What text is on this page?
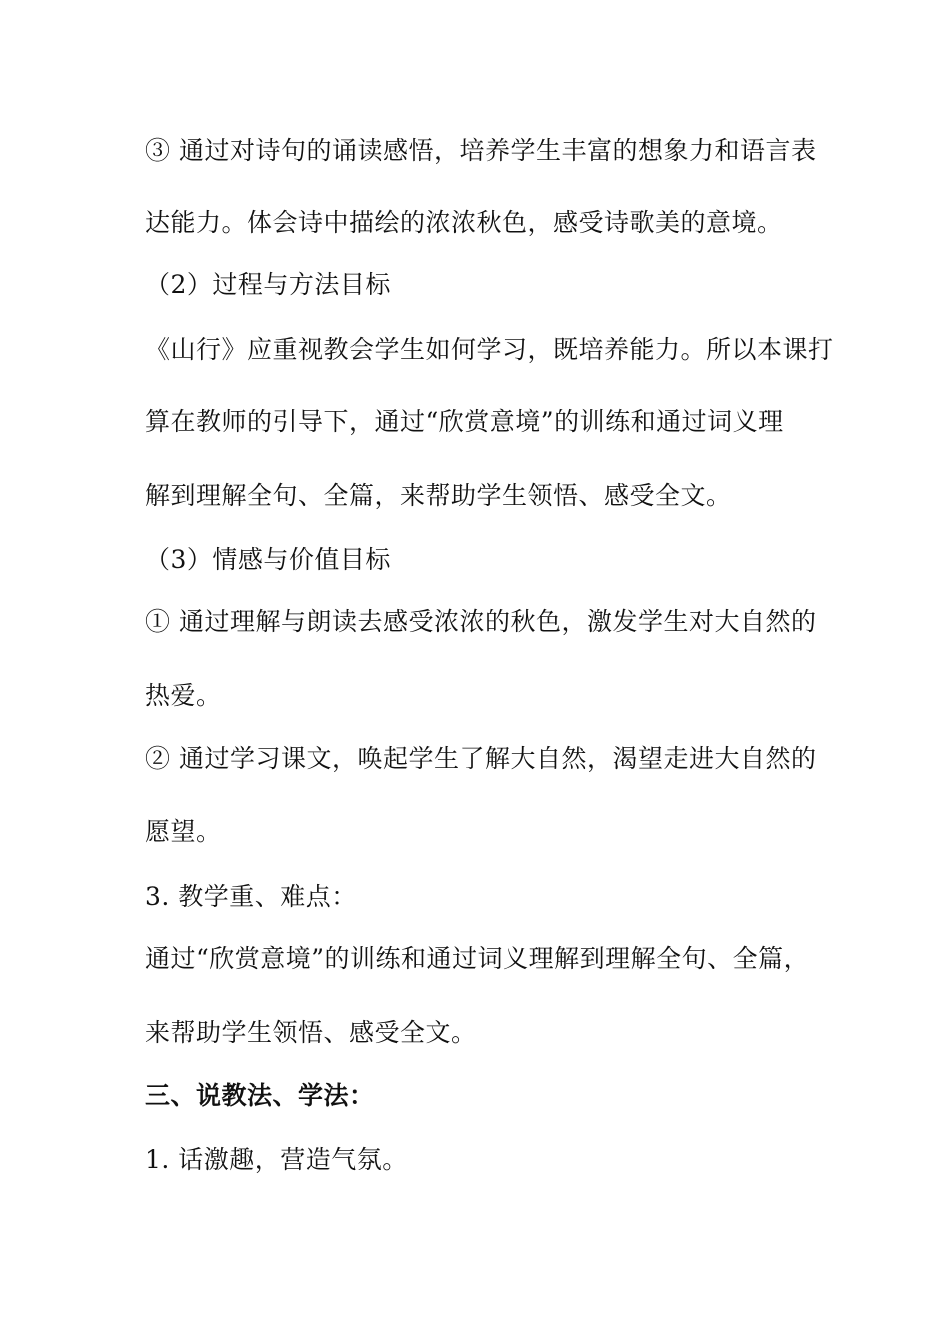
③ 通过对诗句的诵读感悟，培养学生丰富的想象力和语言表

达能力。体会诗中描绘的浓浓秋色，感受诗歌美的意境。

（2）过程与方法目标

《山行》应重视教会学生如何学习，既培养能力。所以本课打

算在教师的引导下，通过“欣赏意境”的训练和通过词义理

解到理解全句、全篇，来帮助学生领悟、感受全文。

（3）情感与价值目标

① 通过理解与朗读去感受浓浓的秋色，激发学生对大自然的

热爱。

② 通过学习课文，唤起学生了解大自然，渴望走进大自然的

愿望。

3. 教学重、难点：

通过“欣赏意境”的训练和通过词义理解到理解全句、全篇，

来帮助学生领悟、感受全文。

三、说教法、学法：

1. 话激趣，营造气氛。
